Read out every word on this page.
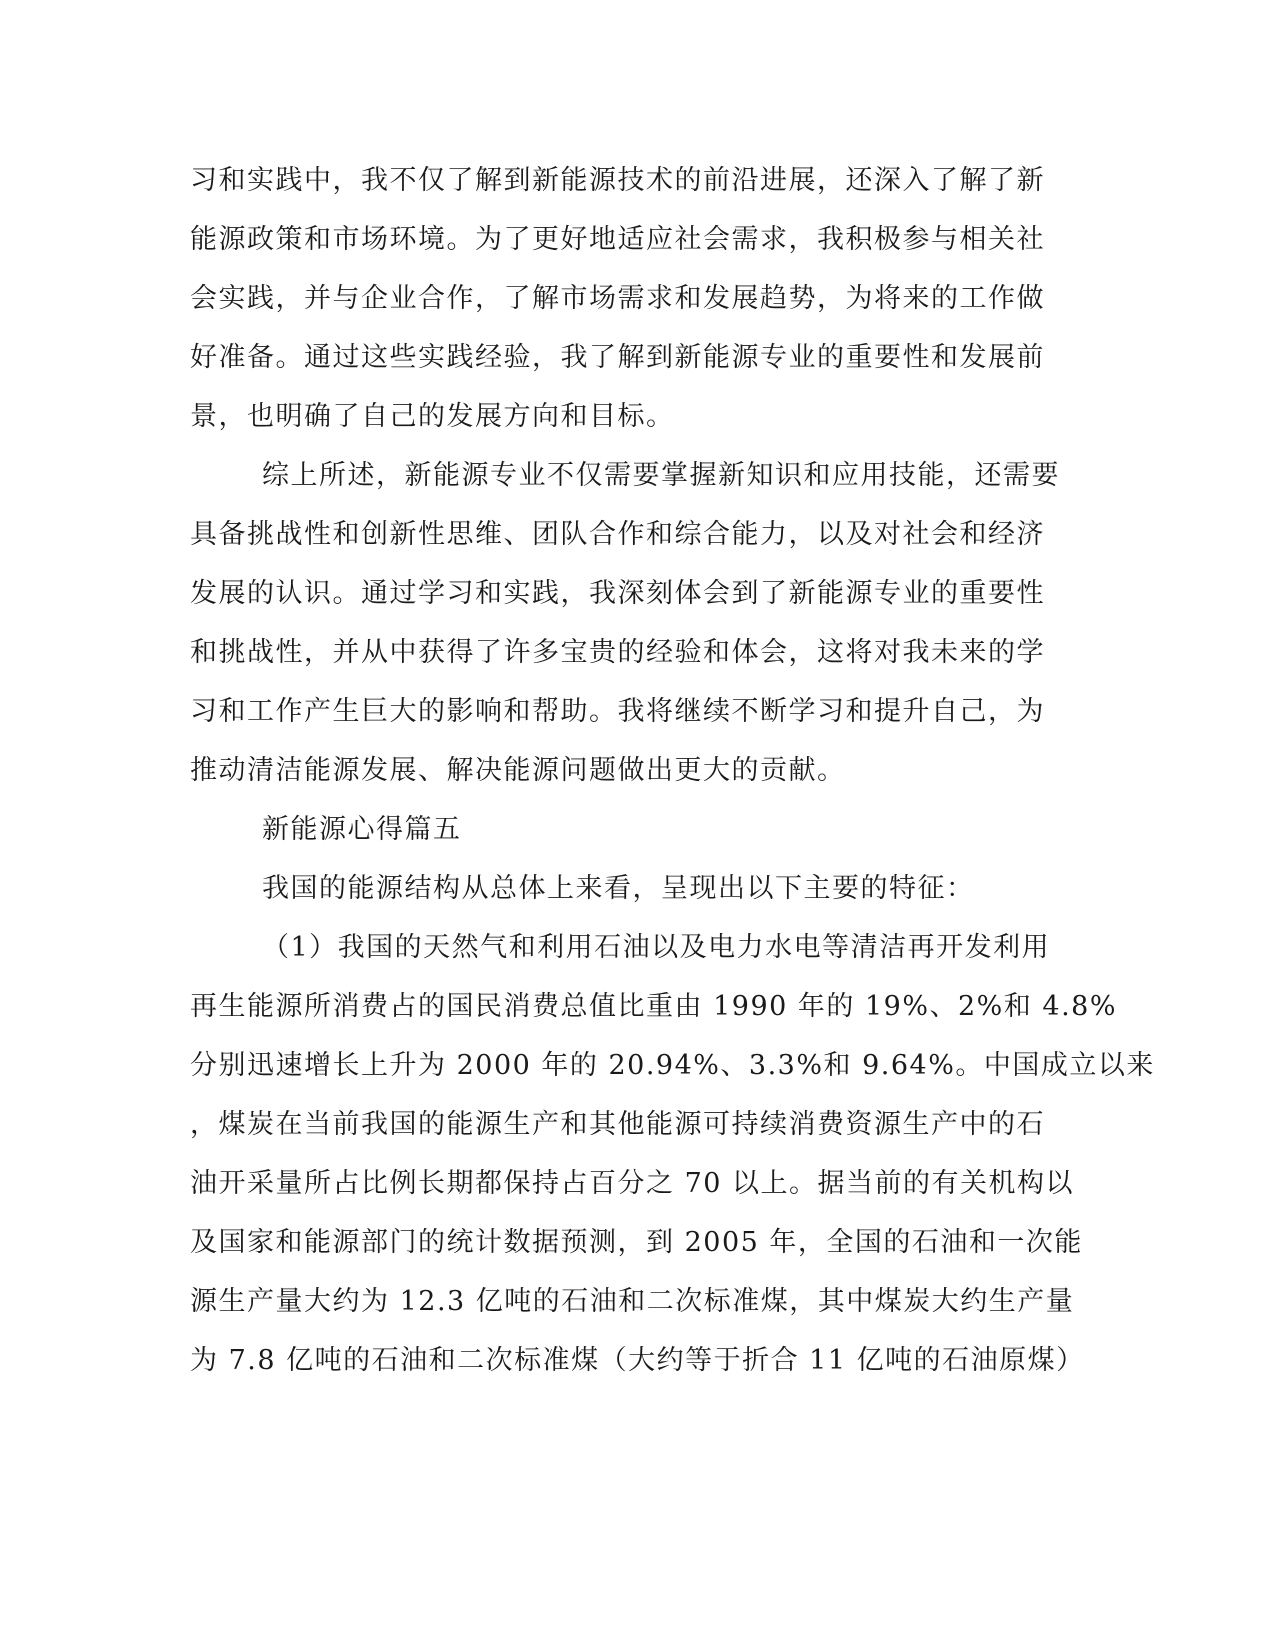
习和实践中，我不仅了解到新能源技术的前沿进展，还深入了解了新
能源政策和市场环境。为了更好地适应社会需求，我积极参与相关社
会实践，并与企业合作，了解市场需求和发展趋势，为将来的工作做
好准备。通过这些实践经验，我了解到新能源专业的重要性和发展前
景，也明确了自己的发展方向和目标。
综上所述，新能源专业不仅需要掌握新知识和应用技能，还需要
具备挑战性和创新性思维、团队合作和综合能力，以及对社会和经济
发展的认识。通过学习和实践，我深刻体会到了新能源专业的重要性
和挑战性，并从中获得了许多宝贵的经验和体会，这将对我未来的学
习和工作产生巨大的影响和帮助。我将继续不断学习和提升自己，为
推动清洁能源发展、解决能源问题做出更大的贡献。
新能源心得篇五
我国的能源结构从总体上来看，呈现出以下主要的特征：
（1）我国的天然气和利用石油以及电力水电等清洁再开发利用
再生能源所消费占的国民消费总值比重由 1990 年的 19%、2%和 4.8%
分别迅速增长上升为 2000 年的 20.94%、3.3%和 9.64%。中国成立以来
，煤炭在当前我国的能源生产和其他能源可持续消费资源生产中的石
油开采量所占比例长期都保持占百分之 70 以上。据当前的有关机构以
及国家和能源部门的统计数据预测，到 2005 年，全国的石油和一次能
源生产量大约为 12.3 亿吨的石油和二次标准煤，其中煤炭大约生产量
为 7.8 亿吨的石油和二次标准煤（大约等于折合 11 亿吨的石油原煤）
